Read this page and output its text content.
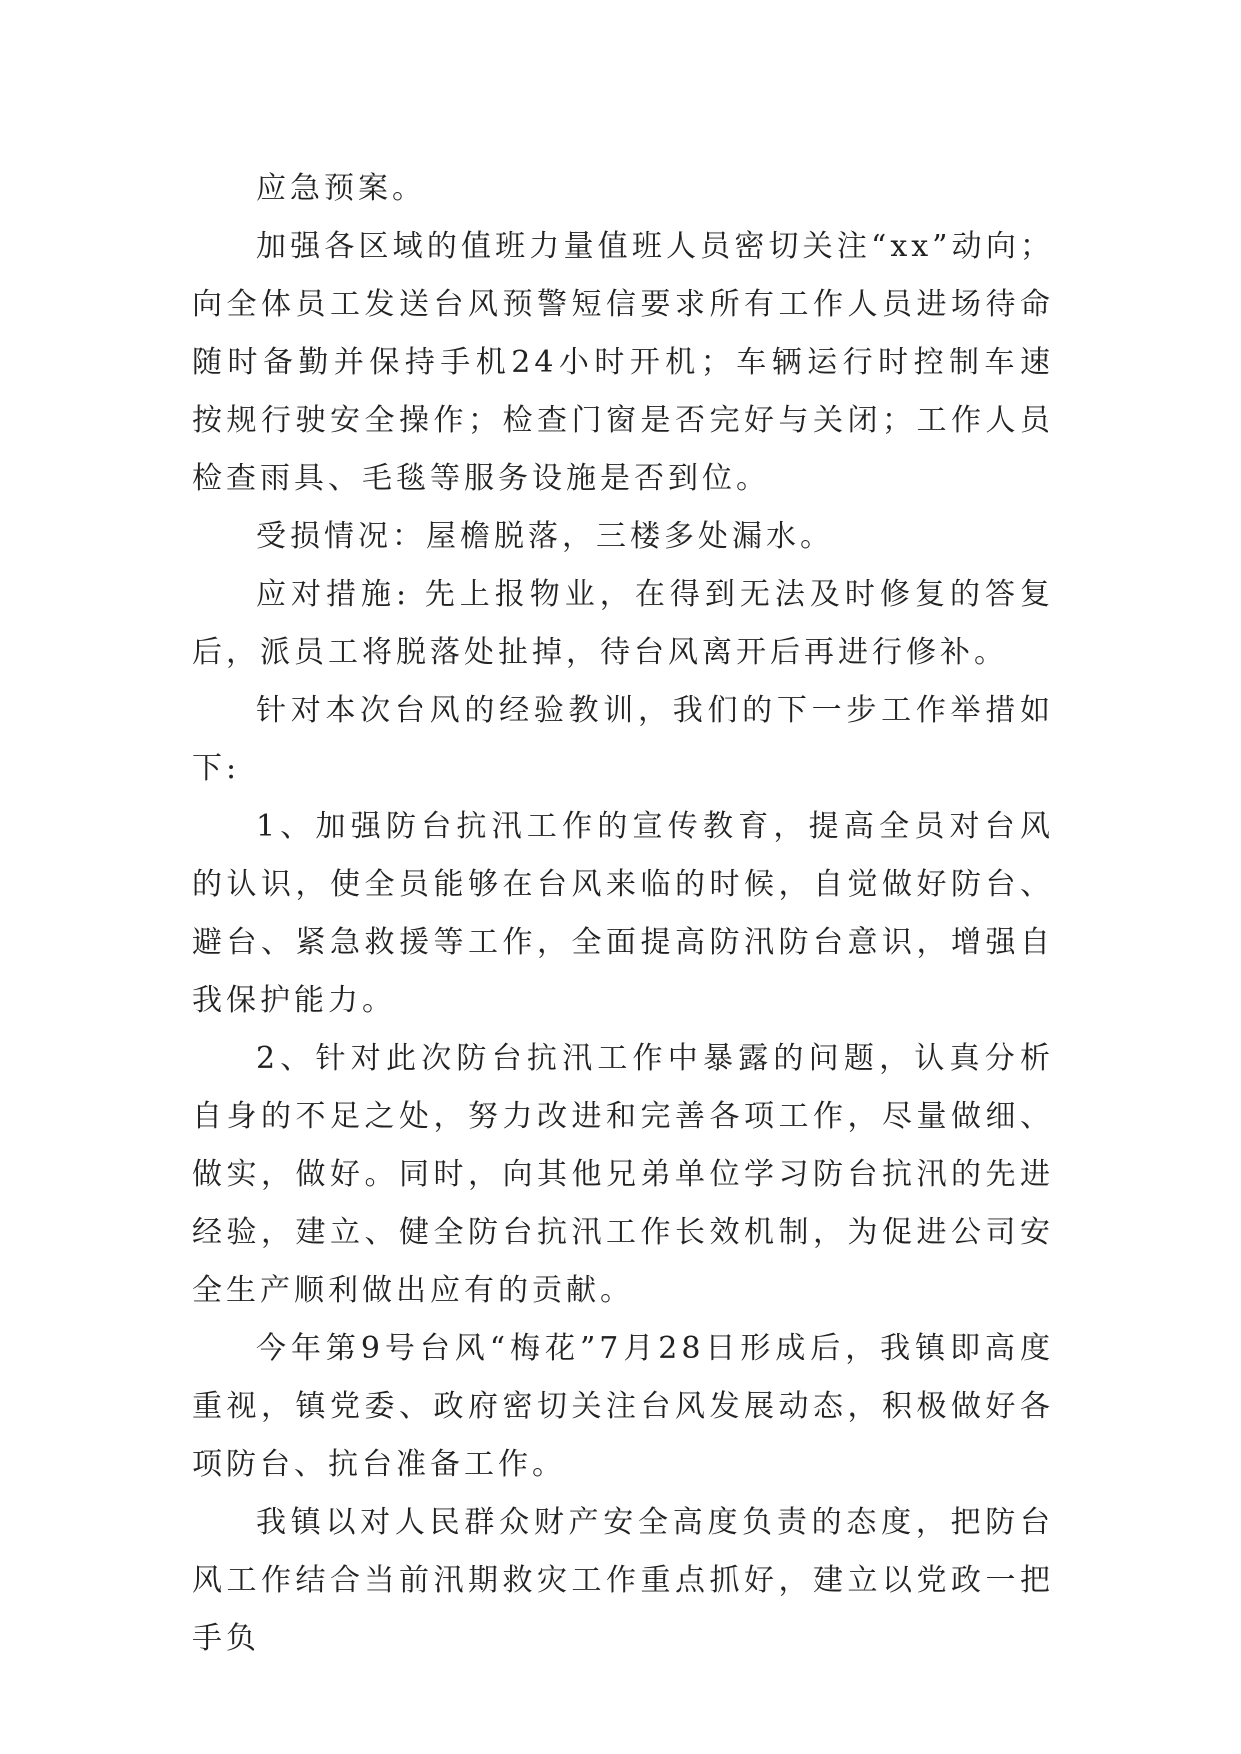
应急预案。

加强各区域的值班力量值班人员密切关注“xx”动向；向全体员工发送台风预警短信要求所有工作人员进场待命随时备勤并保持手机24小时开机；车辆运行时控制车速按规行驶安全操作；检查门窗是否完好与关闭；工作人员检查雨具、毛毯等服务设施是否到位。

受损情况：屋檐脱落，三楼多处漏水。

应对措施: 先上报物业，在得到无法及时修复的答复后，派员工将脱落处扯掉，待台风离开后再进行修补。

针对本次台风的经验教训，我们的下一步工作举措如下:

1、加强防台抗汛工作的宣传教育，提高全员对台风的认识，使全员能够在台风来临的时候，自觉做好防台、避台、紧急救援等工作，全面提高防汛防台意识，增强自我保护能力。

2、针对此次防台抗汛工作中暴露的问题，认真分析自身的不足之处，努力改进和完善各项工作，尽量做细、做实，做好。同时，向其他兄弟单位学习防台抗汛的先进经验，建立、健全防台抗汛工作长效机制，为促进公司安全生产顺利做出应有的贡献。

今年第9号台风“梅花”7月28日形成后，我镇即高度重视，镇党委、政府密切关注台风发展动态，积极做好各项防台、抗台准备工作。

我镇以对人民群众财产安全高度负责的态度，把防台风工作结合当前汛期救灾工作重点抓好，建立以党政一把手负
